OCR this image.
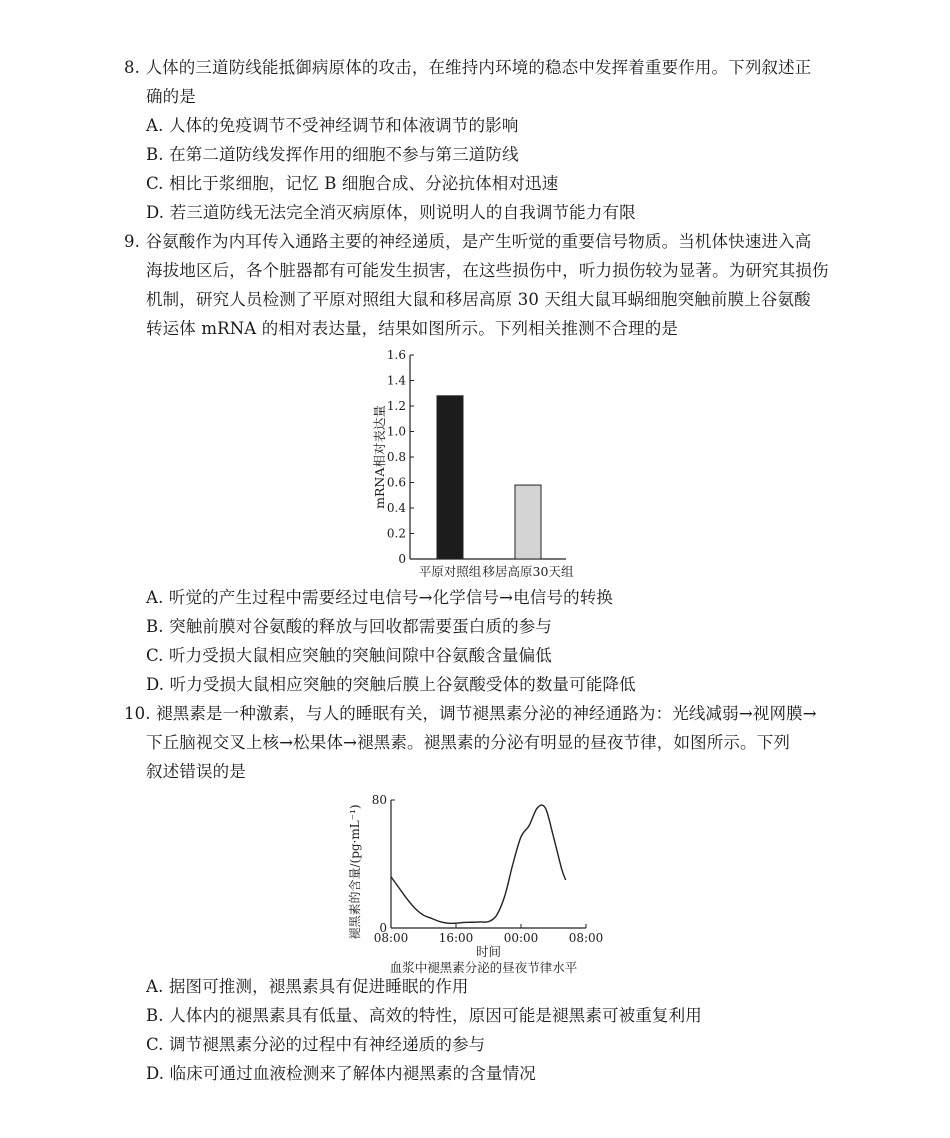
8. 人体的三道防线能抵御病原体的攻击，在维持内环境的稳态中发挥着重要作用。下列叙述正
确的是
A. 人体的免疫调节不受神经调节和体液调节的影响
B. 在第二道防线发挥作用的细胞不参与第三道防线
C. 相比于浆细胞，记忆 B 细胞合成、分泌抗体相对迅速
D. 若三道防线无法完全消灭病原体，则说明人的自我调节能力有限
9. 谷氨酸作为内耳传入通路主要的神经递质，是产生听觉的重要信号物质。当机体快速进入高
海拔地区后，各个脏器都有可能发生损害，在这些损伤中，听力损伤较为显著。为研究其损伤
机制，研究人员检测了平原对照组大鼠和移居高原 30 天组大鼠耳蜗细胞突触前膜上谷氨酸
转运体 mRNA 的相对表达量，结果如图所示。下列相关推测不合理的是
1.6
1.4
1.2
1.0
0.8
0.6
0.4
0.2
0
平原对照组 移居高原30天组
mRNA相对表达量
A. 听觉的产生过程中需要经过电信号→化学信号→电信号的转换
B. 突触前膜对谷氨酸的释放与回收都需要蛋白质的参与
C. 听力受损大鼠相应突触的突触间隙中谷氨酸含量偏低
D. 听力受损大鼠相应突触的突触后膜上谷氨酸受体的数量可能降低
10. 褪黑素是一种激素，与人的睡眠有关，调节褪黑素分泌的神经通路为：光线减弱→视网膜→
下丘脑视交叉上核→松果体→褪黑素。褪黑素的分泌有明显的昼夜节律，如图所示。下列
叙述错误的是
80
0
08:00	16:00	00:00	08:00
时间
血浆中褪黑素分泌的昼夜节律水平
褪黑素的含量/(pg·mL⁻¹)
A. 据图可推测，褪黑素具有促进睡眠的作用
B. 人体内的褪黑素具有低量、高效的特性，原因可能是褪黑素可被重复利用
C. 调节褪黑素分泌的过程中有神经递质的参与
D. 临床可通过血液检测来了解体内褪黑素的含量情况
